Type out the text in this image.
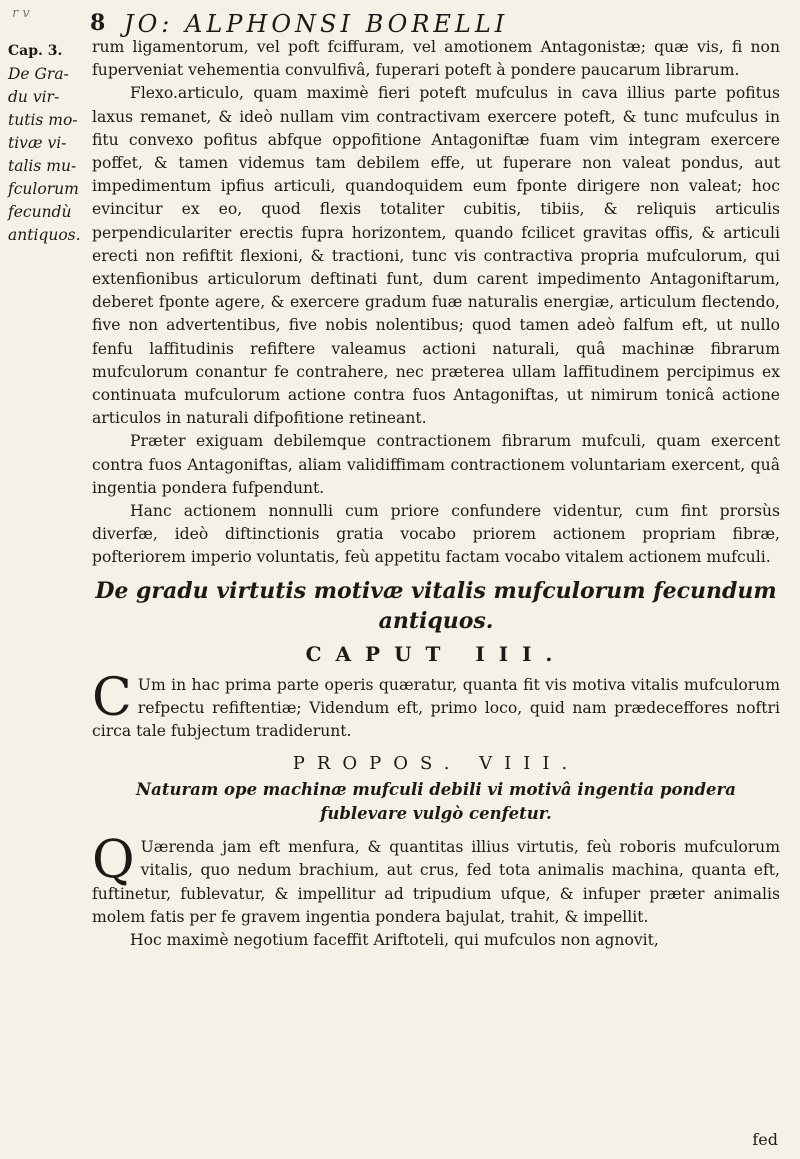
r v	8 JO: ALPHONSI BORELLI
Cap. 3.
De Gra-
du vir-
tutis mo-
tivæ vi-
talis mu-
fculorum
fecundù
antiquos.

rum ligamentorum, vel poft fciffuram, vel amotionem Antagonistæ; quæ vis, fi non fuperveniat vehementia convulfivâ, fuperari poteft à pondere paucarum librarum.

Flexo.articulo, quam maximè fieri poteft mufculus in cava illius parte pofitus laxus remanet, & ideò nullam vim contractivam exercere poteft, & tunc mufculus in fitu convexo pofitus abfque oppofitione Antagoniftæ fuam vim integram exercere poffet, & tamen videmus tam debilem effe, ut fuperare non valeat pondus, aut impedimentum ipfius articuli, quandoquidem eum fponte dirigere non valeat; hoc evincitur ex eo, quod flexis totaliter cubitis, tibiis, & reliquis articulis perpendiculariter erectis fupra horizontem, quando fcilicet gravitas offis, & articuli erecti non refiftit flexioni, & tractioni, tunc vis contractiva propria mufculorum, qui extenfionibus articulorum deftinati funt, dum carent impedimento Antagoniftarum, deberet fponte agere, & exercere gradum fuæ naturalis energiæ, articulum flectendo, five non advertentibus, five nobis nolentibus; quod tamen adeò falfum eft, ut nullo fenfu laffitudinis refiftere valeamus actioni naturali, quâ machinæ fibrarum mufculorum conantur fe contrahere, nec præterea ullam laffitudinem percipimus ex continuata mufculorum actione contra fuos Antagoniftas, ut nimirum tonicâ actione articulos in naturali difpofitione retineant.

Præter exiguam debilemque contractionem fibrarum mufculi, quam exercent contra fuos Antagoniftas, aliam validiffimam contractionem voluntariam exercent, quâ ingentia pondera fufpendunt.

Hanc actionem nonnulli cum priore confundere videntur, cum fint prorsùs diverfæ, ideò diftinctionis gratia vocabo priorem actionem propriam fibræ, pofteriorem imperio voluntatis, feù appetitu factam vocabo vitalem actionem mufculi.

De gradu virtutis motivæ vitalis mufculorum fecundum
antiquos.
CAPUT III.

C Um in hac prima parte operis quæratur, quanta fit vis motiva vitalis mufculorum refpectu refiftentiæ; Videndum eft, primo loco, quid nam prædeceffores noftri circa tale fubjectum tradiderunt.

PROPOS. VIII.
Naturam ope machinæ mufculi debili vi motivâ ingentia pondera
fublevare vulgò cenfetur.

Q Uærenda jam eft menfura, & quantitas illius virtutis, feù roboris mufculorum vitalis, quo nedum brachium, aut crus, fed tota animalis machina, quanta eft, fuftinetur, fublevatur, & impellitur ad tripudium ufque, & infuper præter animalis molem fatis per fe gravem ingentia pondera bajulat, trahit, & impellit.

Hoc maximè negotium faceffit Ariftoteli, qui mufculos non agnovit,

fed
